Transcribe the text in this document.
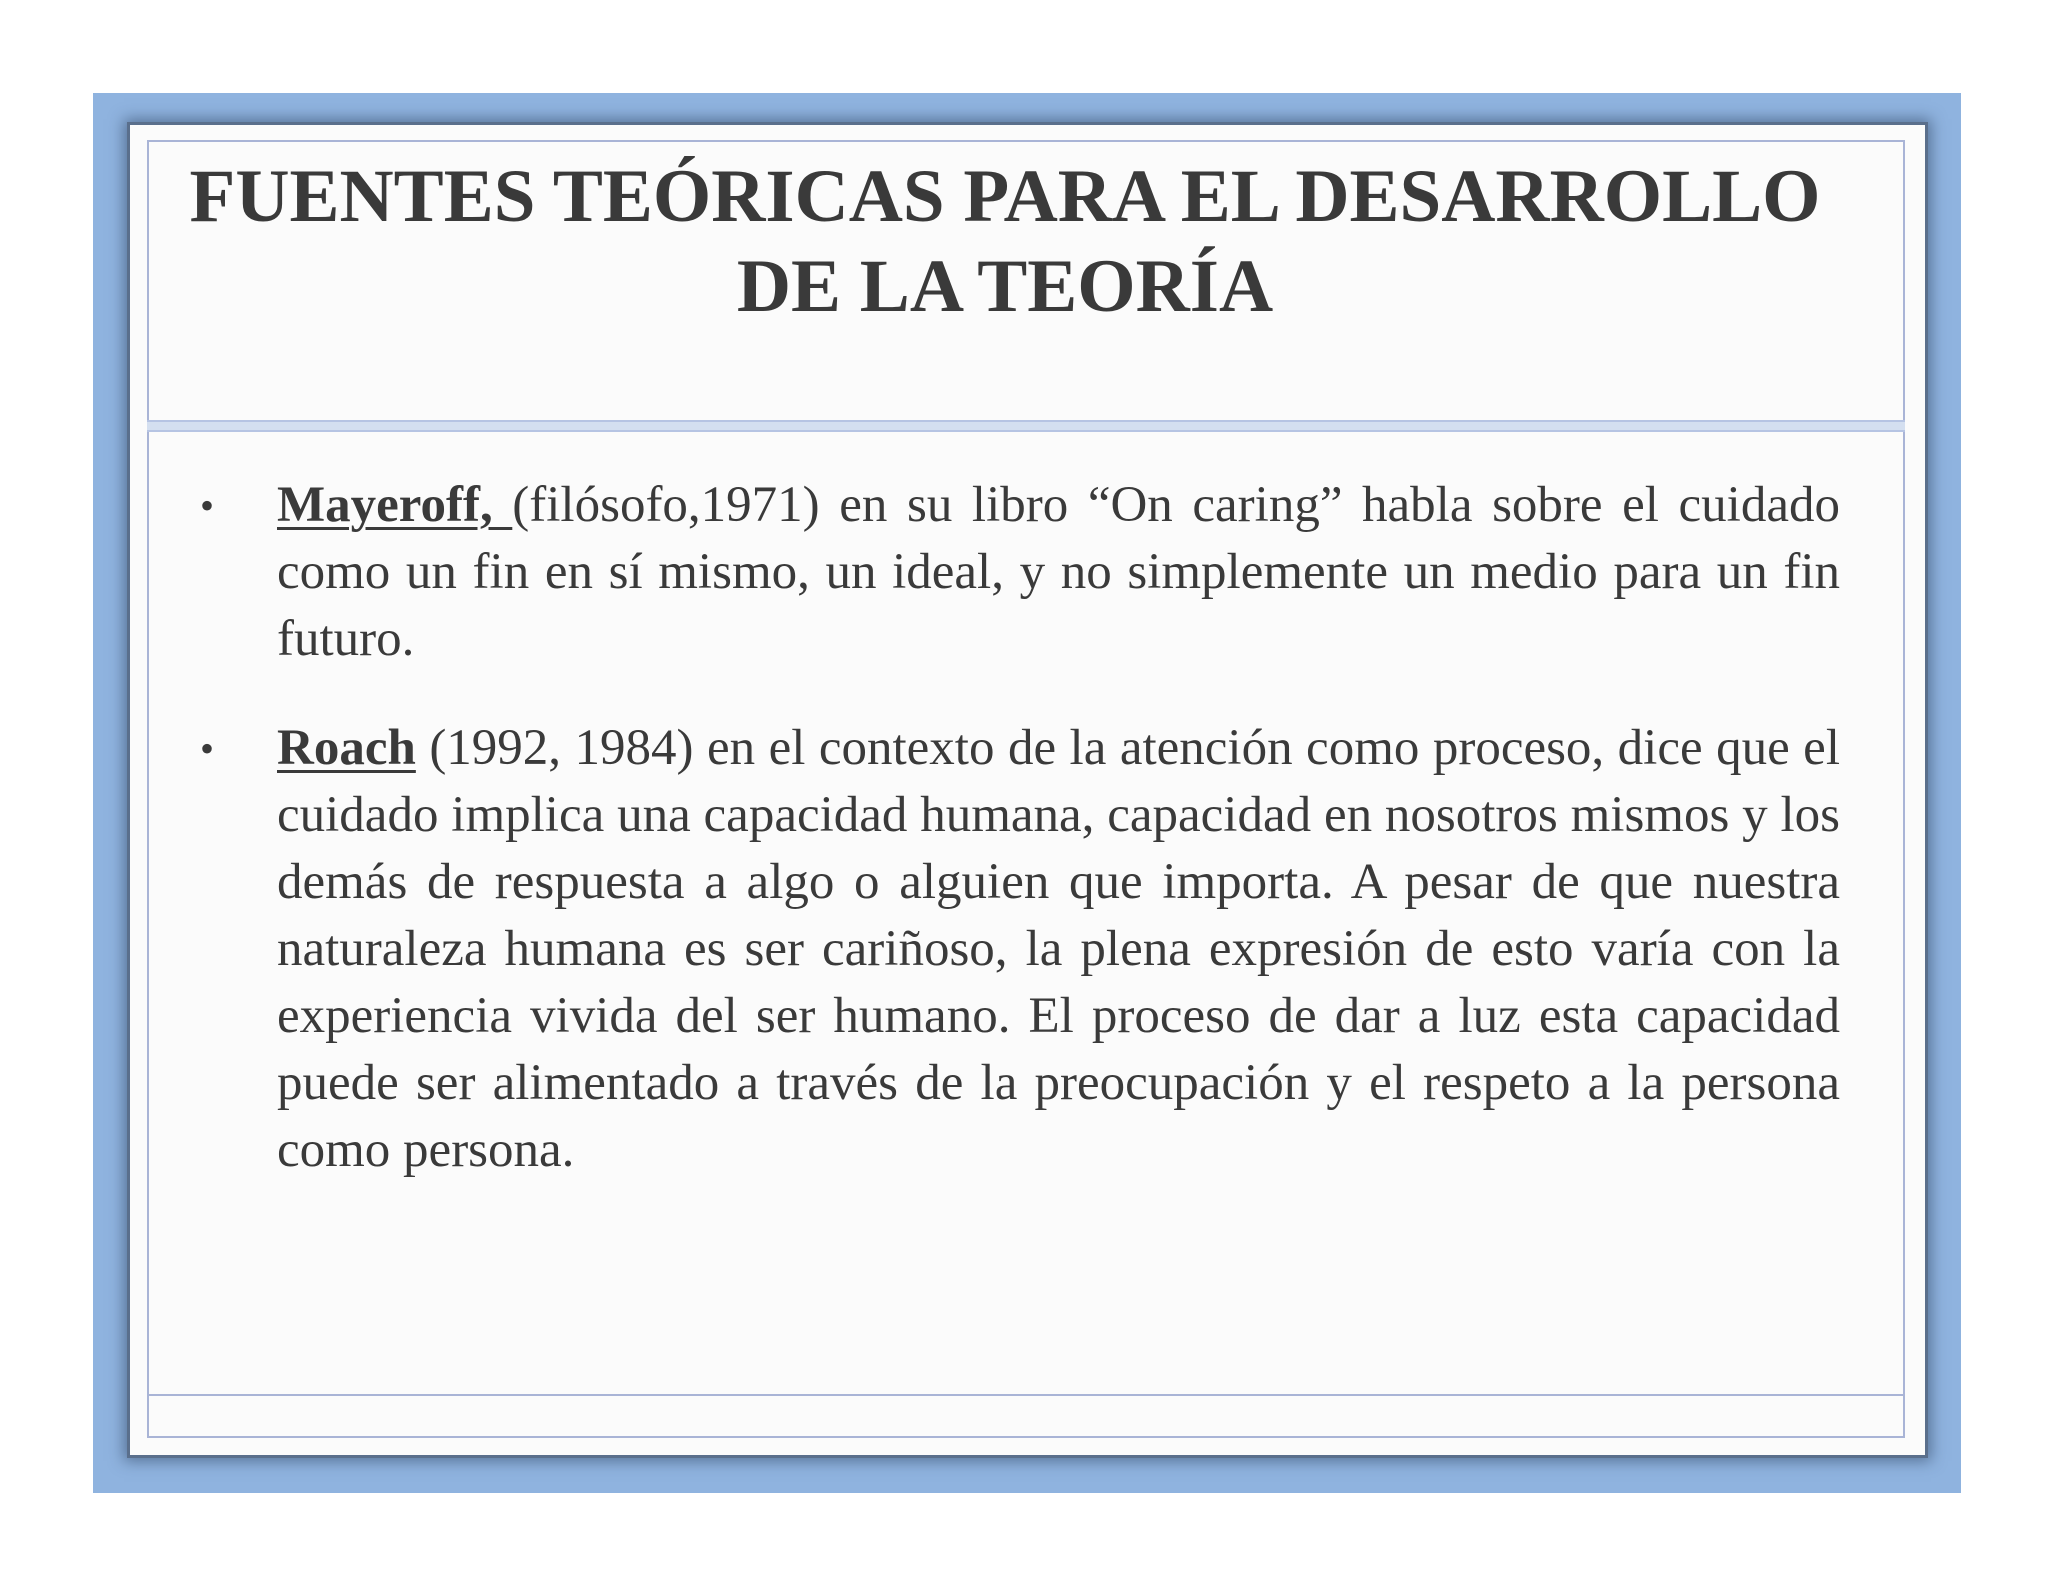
FUENTES TEÓRICAS PARA EL DESARROLLO DE LA TEORÍA
• Mayeroff, (filósofo,1971) en su libro “On caring” habla sobre el cuidado como un fin en sí mismo, un ideal, y no simplemente un medio para un fin futuro.
• Roach (1992, 1984) en el contexto de la atención como proceso, dice que el cuidado implica una capacidad humana, capacidad en nosotros mismos y los demás de respuesta a algo o alguien que importa. A pesar de que nuestra naturaleza humana es ser cariñoso, la plena expresión de esto varía con la experiencia vivida del ser humano. El proceso de dar a luz esta capacidad puede ser alimentado a través de la preocupación y el respeto a la persona como persona.
